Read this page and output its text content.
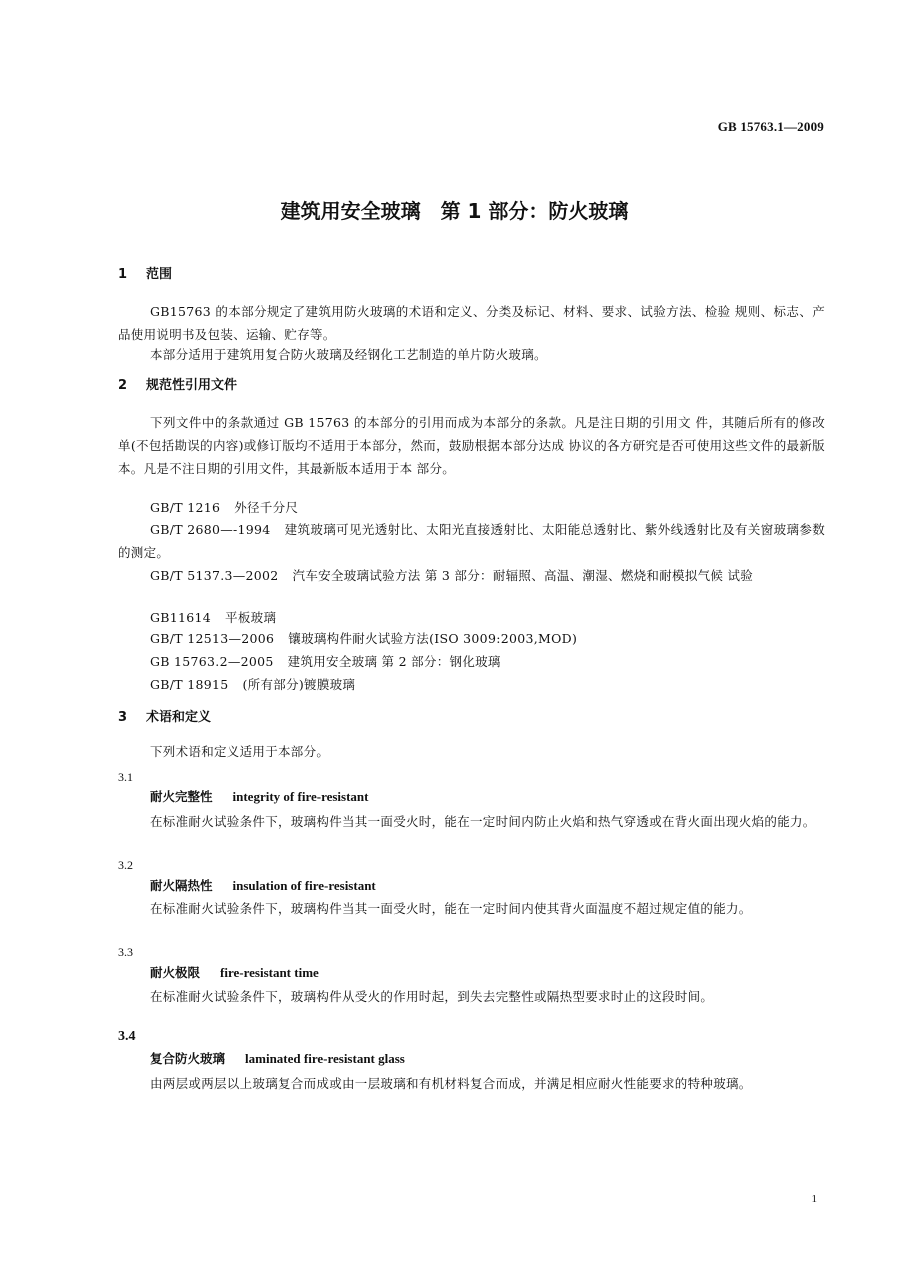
GB 15763.1—2009
建筑用安全玻璃　第 1 部分：防火玻璃
1 范围
GB15763 的本部分规定了建筑用防火玻璃的术语和定义、分类及标记、材料、要求、试验方法、检验 规则、标志、产品使用说明书及包装、运输、贮存等。
本部分适用于建筑用复合防火玻璃及经钢化工艺制造的单片防火玻璃。
2 规范性引用文件
下列文件中的条款通过 GB 15763 的本部分的引用而成为本部分的条款。凡是注日期的引用文 件，其随后所有的修改单(不包括勘误的内容)或修订版均不适用于本部分，然而，鼓励根据本部分达成 协议的各方研究是否可使用这些文件的最新版本。凡是不注日期的引用文件，其最新版本适用于本 部分。
GB/T 1216 外径千分尺
GB/T 2680—-1994 建筑玻璃可见光透射比、太阳光直接透射比、太阳能总透射比、紫外线透射比及有关窗玻璃参数的测定。
GB/T 5137.3—2002 汽车安全玻璃试验方法 第 3 部分：耐辐照、高温、潮湿、燃烧和耐模拟气候 试验
GB11614 平板玻璃
GB/T 12513—2006 镶玻璃构件耐火试验方法(ISO 3009:2003,MOD)
GB 15763.2—2005 建筑用安全玻璃 第 2 部分：钢化玻璃
GB/T 18915 (所有部分)镀膜玻璃
3 术语和定义
下列术语和定义适用于本部分。
3.1
耐火完整性 integrity of fire-resistant
在标准耐火试验条件下，玻璃构件当其一面受火时，能在一定时间内防止火焰和热气穿透或在背火面出现火焰的能力。
3.2
耐火隔热性 insulation of fire-resistant
在标准耐火试验条件下，玻璃构件当其一面受火时，能在一定时间内使其背火面温度不超过规定值的能力。
3.3
耐火极限 fire-resistant time
在标准耐火试验条件下，玻璃构件从受火的作用时起，到失去完整性或隔热型要求时止的这段时间。
3.4
复合防火玻璃 laminated fire-resistant glass
由两层或两层以上玻璃复合而成或由一层玻璃和有机材料复合而成，并满足相应耐火性能要求的特种玻璃。
1
